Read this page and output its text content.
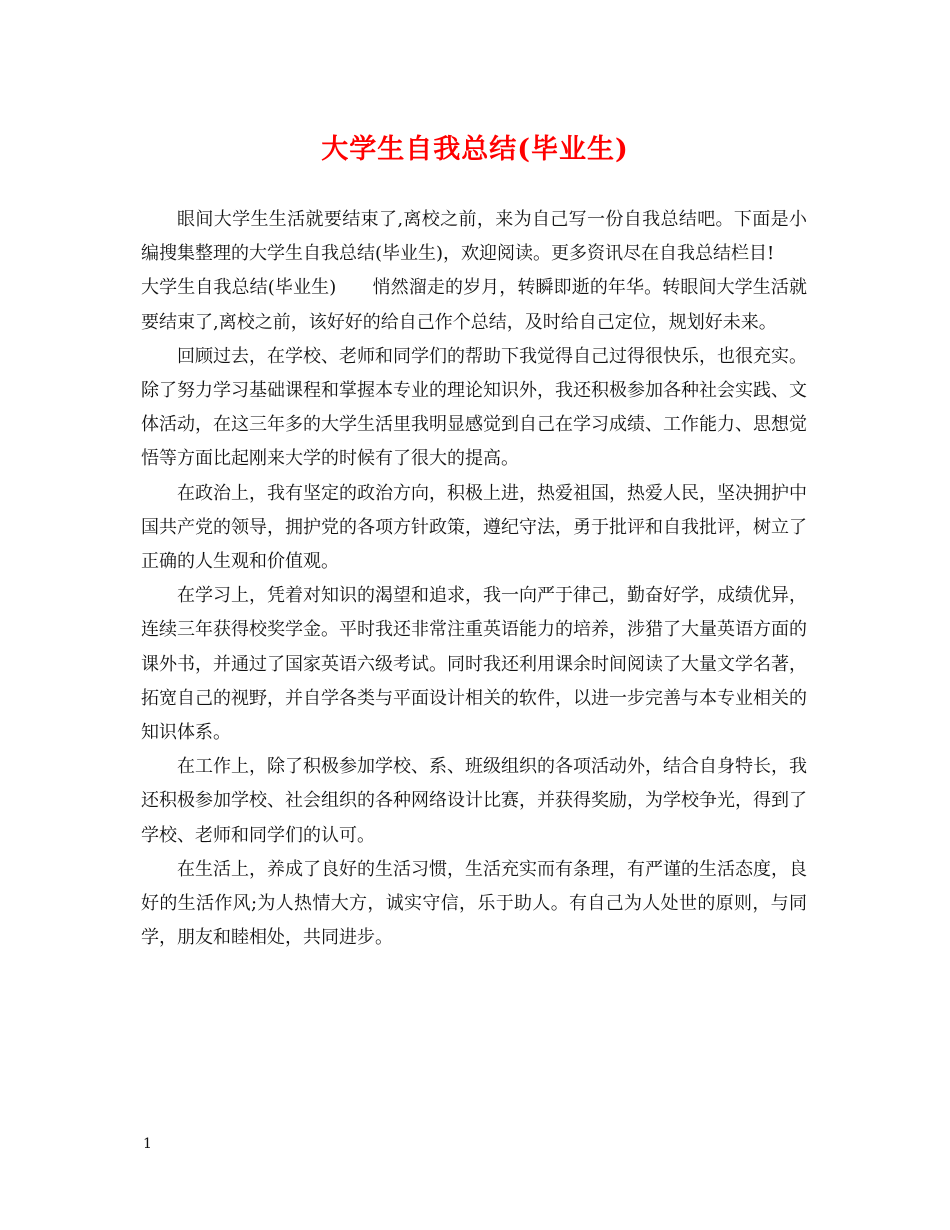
大学生自我总结(毕业生)

眼间大学生生活就要结束了,离校之前，来为自己写一份自我总结吧。下面是小编搜集整理的大学生自我总结(毕业生)，欢迎阅读。更多资讯尽在自我总结栏目!

大学生自我总结(毕业生)　　悄然溜走的岁月，转瞬即逝的年华。转眼间大学生活就要结束了,离校之前，该好好的给自己作个总结，及时给自己定位，规划好未来。

回顾过去，在学校、老师和同学们的帮助下我觉得自己过得很快乐，也很充实。除了努力学习基础课程和掌握本专业的理论知识外，我还积极参加各种社会实践、文体活动，在这三年多的大学生活里我明显感觉到自己在学习成绩、工作能力、思想觉悟等方面比起刚来大学的时候有了很大的提高。

在政治上，我有坚定的政治方向，积极上进，热爱祖国，热爱人民，坚决拥护中国共产党的领导，拥护党的各项方针政策，遵纪守法，勇于批评和自我批评，树立了正确的人生观和价值观。

在学习上，凭着对知识的渴望和追求，我一向严于律己，勤奋好学，成绩优异，连续三年获得校奖学金。平时我还非常注重英语能力的培养，涉猎了大量英语方面的课外书，并通过了国家英语六级考试。同时我还利用课余时间阅读了大量文学名著，拓宽自己的视野，并自学各类与平面设计相关的软件，以进一步完善与本专业相关的知识体系。

在工作上，除了积极参加学校、系、班级组织的各项活动外，结合自身特长，我还积极参加学校、社会组织的各种网络设计比赛，并获得奖励，为学校争光，得到了学校、老师和同学们的认可。

在生活上，养成了良好的生活习惯，生活充实而有条理，有严谨的生活态度，良好的生活作风;为人热情大方，诚实守信，乐于助人。有自己为人处世的原则，与同学，朋友和睦相处，共同进步。

1
